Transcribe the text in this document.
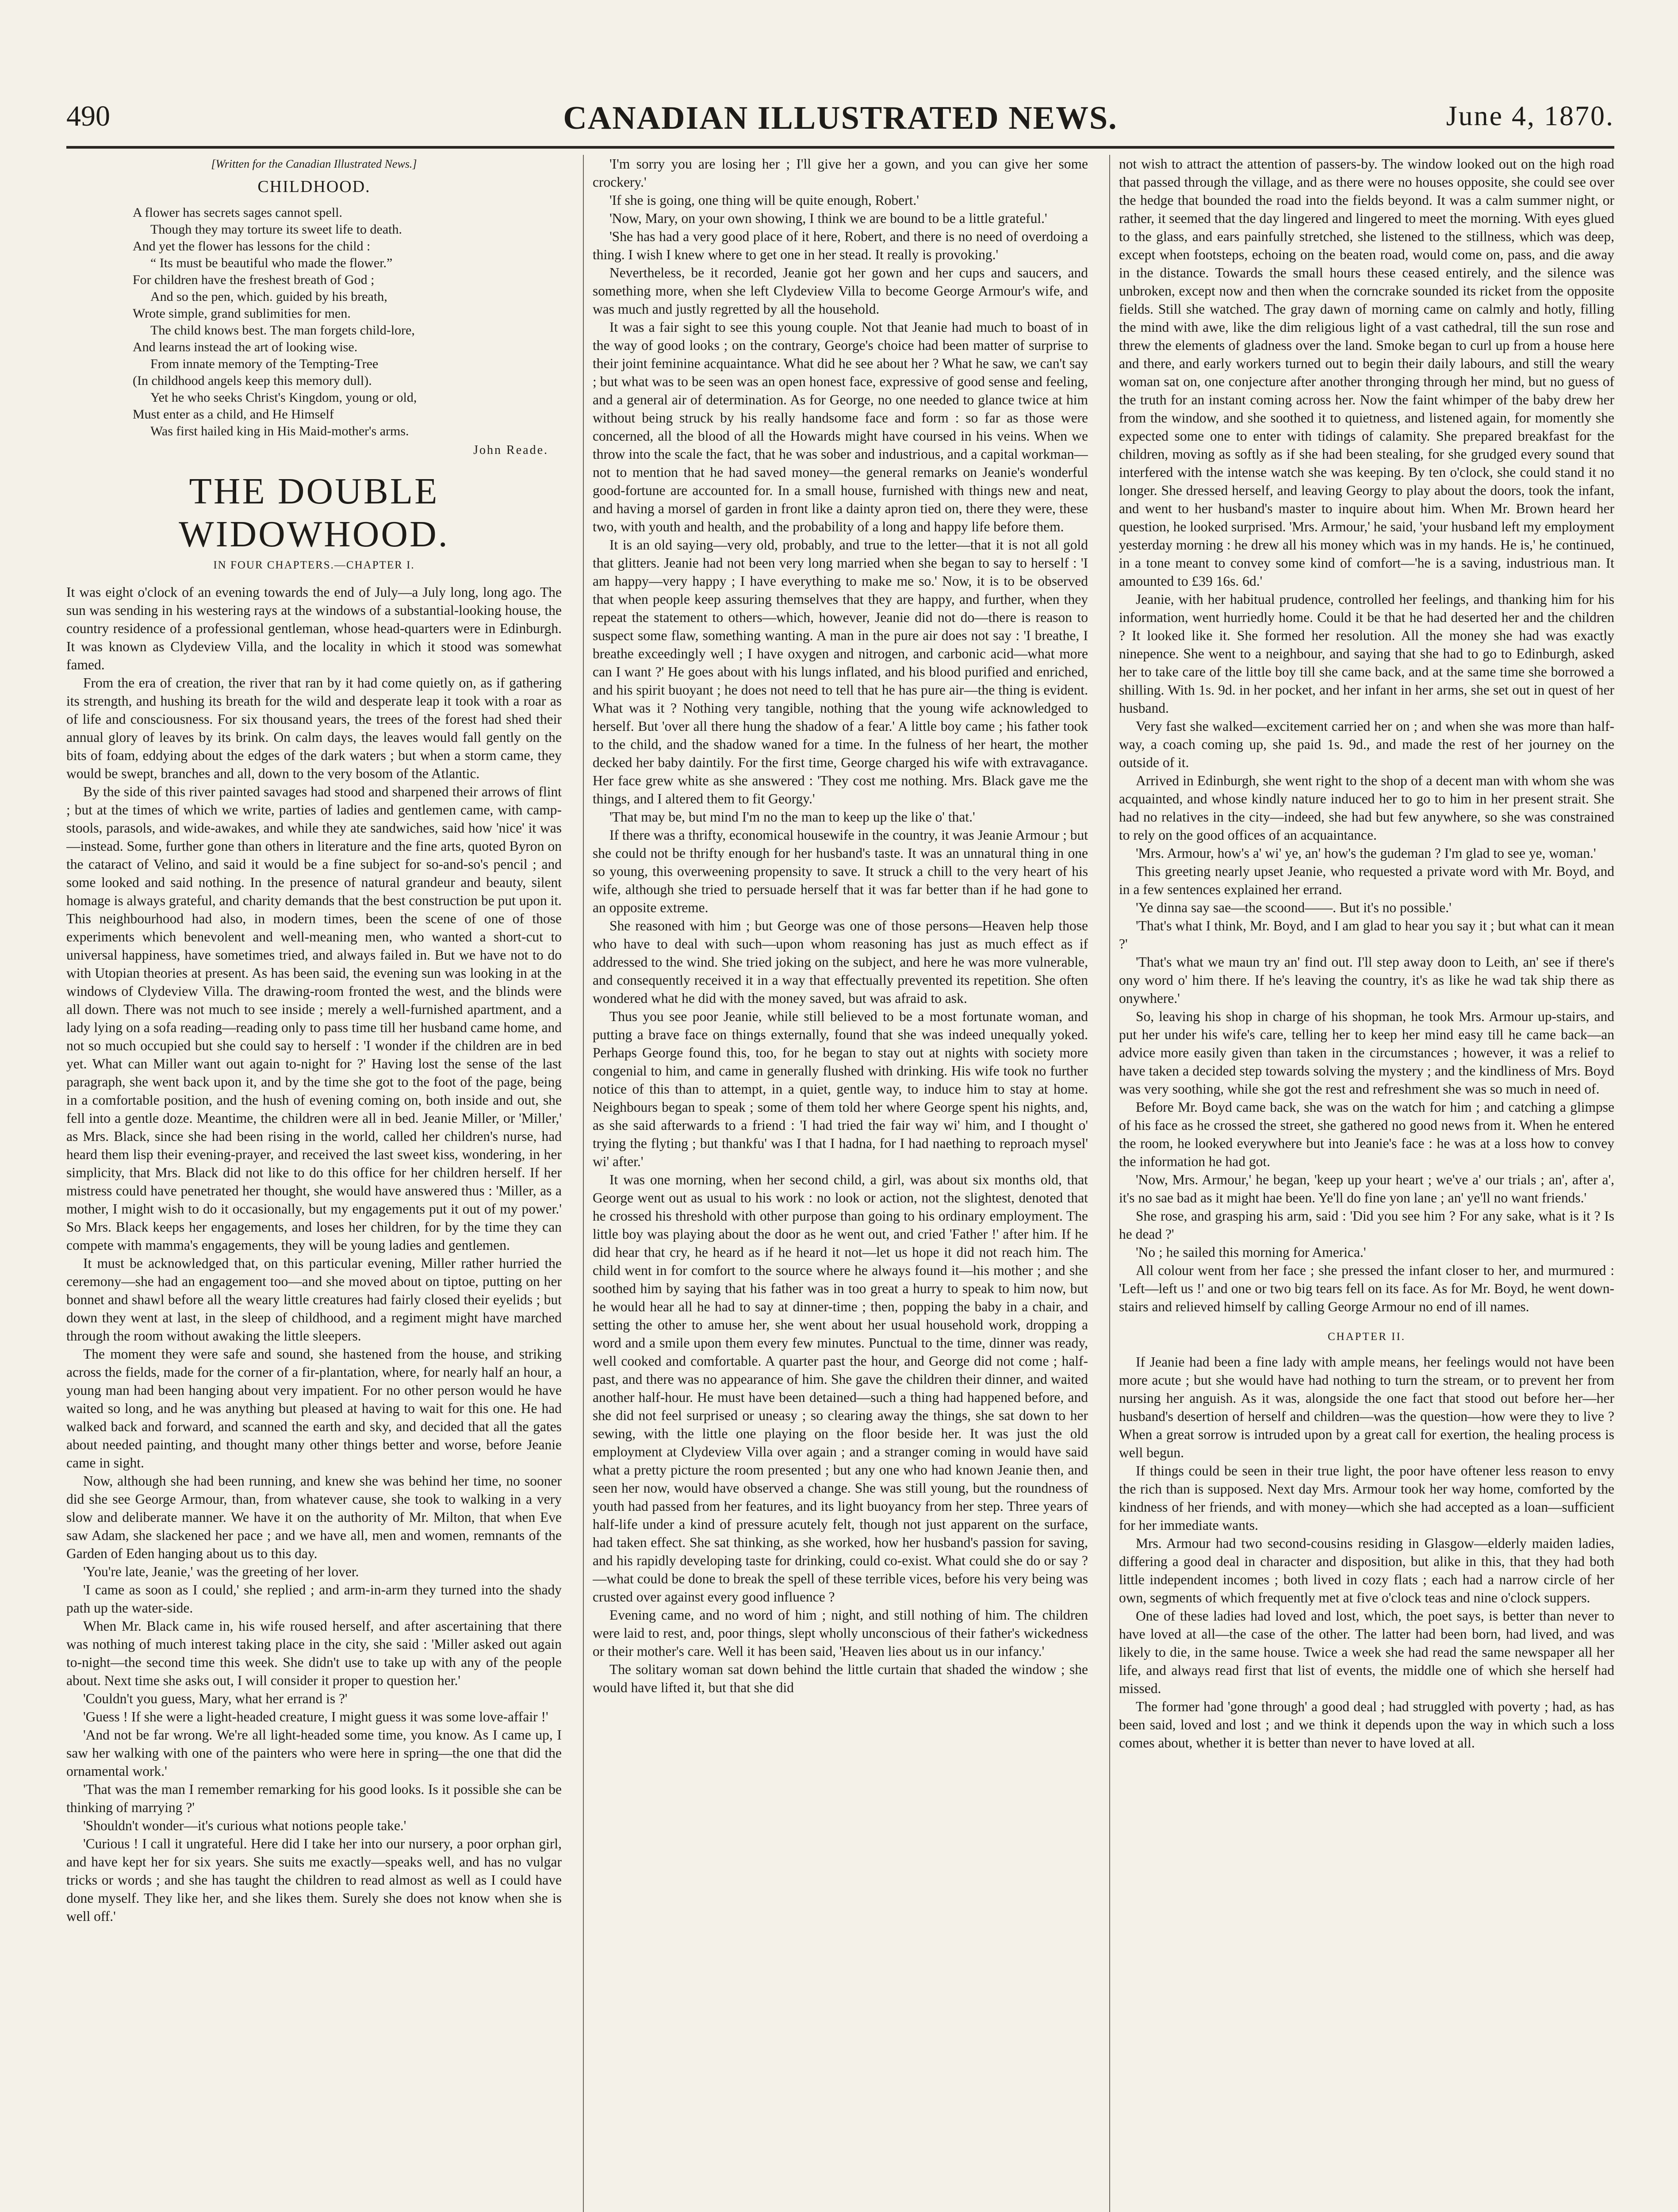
490	CANADIAN ILLUSTRATED NEWS.	June 4, 1870.
[Written for the Canadian Illustrated News.]
CHILDHOOD.
A flower has secrets sages cannot spell.
Though they may torture its sweet life to death.
And yet the flower has lessons for the child :
“ Its must be beautiful who made the flower.”
For children have the freshest breath of God ;
And so the pen, which. guided by his breath,
Wrote simple, grand sublimities for men.
The child knows best. The man forgets child-lore,
And learns instead the art of looking wise.
From innate memory of the Tempting-Tree
(In childhood angels keep this memory dull).
Yet he who seeks Christ's Kingdom, young or old,
Must enter as a child, and He Himself
Was first hailed king in His Maid-mother's arms.
John Reade.
THE DOUBLE WIDOWHOOD.
IN FOUR CHAPTERS.—CHAPTER I.

It was eight o'clock of an evening towards the end of July—a July long, long ago. The sun was sending in his westering rays at the windows of a substantial-looking house, the country residence of a professional gentleman, whose head-quarters were in Edinburgh. It was known as Clydeview Villa, and the locality in which it stood was somewhat famed.

From the era of creation, the river that ran by it had come quietly on, as if gathering its strength, and hushing its breath for the wild and desperate leap it took with a roar as of life and consciousness. For six thousand years, the trees of the forest had shed their annual glory of leaves by its brink. On calm days, the leaves would fall gently on the bits of foam, eddying about the edges of the dark waters ; but when a storm came, they would be swept, branches and all, down to the very bosom of the Atlantic.

By the side of this river painted savages had stood and sharpened their arrows of flint ; but at the times of which we write, parties of ladies and gentlemen came, with camp-stools, parasols, and wide-awakes, and while they ate sandwiches, said how 'nice' it was—instead. Some, further gone than others in literature and the fine arts, quoted Byron on the cataract of Velino, and said it would be a fine subject for so-and-so's pencil ; and some looked and said nothing. In the presence of natural grandeur and beauty, silent homage is always grateful, and charity demands that the best construction be put upon it. This neighbourhood had also, in modern times, been the scene of one of those experiments which benevolent and well-meaning men, who wanted a short-cut to universal happiness, have sometimes tried, and always failed in. But we have not to do with Utopian theories at present. As has been said, the evening sun was looking in at the windows of Clydeview Villa. The drawing-room fronted the west, and the blinds were all down. There was not much to see inside ; merely a well-furnished apartment, and a lady lying on a sofa reading—reading only to pass time till her husband came home, and not so much occupied but she could say to herself : 'I wonder if the children are in bed yet. What can Miller want out again to-night for ?' Having lost the sense of the last paragraph, she went back upon it, and by the time she got to the foot of the page, being in a comfortable position, and the hush of evening coming on, both inside and out, she fell into a gentle doze. Meantime, the children were all in bed. Jeanie Miller, or 'Miller,' as Mrs. Black, since she had been rising in the world, called her children's nurse, had heard them lisp their evening-prayer, and received the last sweet kiss, wondering, in her simplicity, that Mrs. Black did not like to do this office for her children herself. If her mistress could have penetrated her thought, she would have answered thus : 'Miller, as a mother, I might wish to do it occasionally, but my engagements put it out of my power.' So Mrs. Black keeps her engagements, and loses her children, for by the time they can compete with mamma's engagements, they will be young ladies and gentlemen.

It must be acknowledged that, on this particular evening, Miller rather hurried the ceremony—she had an engagement too—and she moved about on tiptoe, putting on her bonnet and shawl before all the weary little creatures had fairly closed their eyelids ; but down they went at last, in the sleep of childhood, and a regiment might have marched through the room without awaking the little sleepers.

The moment they were safe and sound, she hastened from the house, and striking across the fields, made for the corner of a fir-plantation, where, for nearly half an hour, a young man had been hanging about very impatient. For no other person would he have waited so long, and he was anything but pleased at having to wait for this one. He had walked back and forward, and scanned the earth and sky, and decided that all the gates about needed painting, and thought many other things better and worse, before Jeanie came in sight.

Now, although she had been running, and knew she was behind her time, no sooner did she see George Armour, than, from whatever cause, she took to walking in a very slow and deliberate manner. We have it on the authority of Mr. Milton, that when Eve saw Adam, she slackened her pace ; and we have all, men and women, remnants of the Garden of Eden hanging about us to this day.

'You're late, Jeanie,' was the greeting of her lover.

'I came as soon as I could,' she replied ; and arm-in-arm they turned into the shady path up the water-side.

When Mr. Black came in, his wife roused herself, and after ascertaining that there was nothing of much interest taking place in the city, she said : 'Miller asked out again to-night—the second time this week. She didn't use to take up with any of the people about. Next time she asks out, I will consider it proper to question her.'

'Couldn't you guess, Mary, what her errand is ?'

'Guess ! If she were a light-headed creature, I might guess it was some love-affair !'

'And not be far wrong. We're all light-headed some time, you know. As I came up, I saw her walking with one of the painters who were here in spring—the one that did the ornamental work.'

'That was the man I remember remarking for his good looks. Is it possible she can be thinking of marrying ?'

'Shouldn't wonder—it's curious what notions people take.'

'Curious ! I call it ungrateful. Here did I take her into our nursery, a poor orphan girl, and have kept her for six years. She suits me exactly—speaks well, and has no vulgar tricks or words ; and she has taught the children to read almost as well as I could have done myself. They like her, and she likes them. Surely she does not know when she is well off.'

'I'm sorry you are losing her ; I'll give her a gown, and you can give her some crockery.'

'If she is going, one thing will be quite enough, Robert.'

'Now, Mary, on your own showing, I think we are bound to be a little grateful.'

'She has had a very good place of it here, Robert, and there is no need of overdoing a thing. I wish I knew where to get one in her stead. It really is provoking.'

Nevertheless, be it recorded, Jeanie got her gown and her cups and saucers, and something more, when she left Clydeview Villa to become George Armour's wife, and was much and justly regretted by all the household.

It was a fair sight to see this young couple. Not that Jeanie had much to boast of in the way of good looks ; on the contrary, George's choice had been matter of surprise to their joint feminine acquaintance. What did he see about her ? What he saw, we can't say ; but what was to be seen was an open honest face, expressive of good sense and feeling, and a general air of determination. As for George, no one needed to glance twice at him without being struck by his really handsome face and form : so far as those were concerned, all the blood of all the Howards might have coursed in his veins. When we throw into the scale the fact, that he was sober and industrious, and a capital workman—not to mention that he had saved money—the general remarks on Jeanie's wonderful good-fortune are accounted for. In a small house, furnished with things new and neat, and having a morsel of garden in front like a dainty apron tied on, there they were, these two, with youth and health, and the probability of a long and happy life before them.

It is an old saying—very old, probably, and true to the letter—that it is not all gold that glitters. Jeanie had not been very long married when she began to say to herself : 'I am happy—very happy ; I have everything to make me so.' Now, it is to be observed that when people keep assuring themselves that they are happy, and further, when they repeat the statement to others—which, however, Jeanie did not do—there is reason to suspect some flaw, something wanting. A man in the pure air does not say : 'I breathe, I breathe exceedingly well ; I have oxygen and nitrogen, and carbonic acid—what more can I want ?' He goes about with his lungs inflated, and his blood purified and enriched, and his spirit buoyant ; he does not need to tell that he has pure air—the thing is evident. What was it ? Nothing very tangible, nothing that the young wife acknowledged to herself. But 'over all there hung the shadow of a fear.' A little boy came ; his father took to the child, and the shadow waned for a time. In the fulness of her heart, the mother decked her baby daintily. For the first time, George charged his wife with extravagance. Her face grew white as she answered : 'They cost me nothing. Mrs. Black gave me the things, and I altered them to fit Georgy.'

'That may be, but mind I'm no the man to keep up the like o' that.'

If there was a thrifty, economical housewife in the country, it was Jeanie Armour ; but she could not be thrifty enough for her husband's taste. It was an unnatural thing in one so young, this overweening propensity to save. It struck a chill to the very heart of his wife, although she tried to persuade herself that it was far better than if he had gone to an opposite extreme.

She reasoned with him ; but George was one of those persons—Heaven help those who have to deal with such—upon whom reasoning has just as much effect as if addressed to the wind. She tried joking on the subject, and here he was more vulnerable, and consequently received it in a way that effectually prevented its repetition. She often wondered what he did with the money saved, but was afraid to ask.

Thus you see poor Jeanie, while still believed to be a most fortunate woman, and putting a brave face on things externally, found that she was indeed unequally yoked. Perhaps George found this, too, for he began to stay out at nights with society more congenial to him, and came in generally flushed with drinking. His wife took no further notice of this than to attempt, in a quiet, gentle way, to induce him to stay at home. Neighbours began to speak ; some of them told her where George spent his nights, and, as she said afterwards to a friend : 'I had tried the fair way wi' him, and I thought o' trying the flyting ; but thankfu' was I that I hadna, for I had naething to reproach mysel' wi' after.'

It was one morning, when her second child, a girl, was about six months old, that George went out as usual to his work : no look or action, not the slightest, denoted that he crossed his threshold with other purpose than going to his ordinary employment. The little boy was playing about the door as he went out, and cried 'Father !' after him. If he did hear that cry, he heard as if he heard it not—let us hope it did not reach him. The child went in for comfort to the source where he always found it—his mother ; and she soothed him by saying that his father was in too great a hurry to speak to him now, but he would hear all he had to say at dinner-time ; then, popping the baby in a chair, and setting the other to amuse her, she went about her usual household work, dropping a word and a smile upon them every few minutes. Punctual to the time, dinner was ready, well cooked and comfortable. A quarter past the hour, and George did not come ; half-past, and there was no appearance of him. She gave the children their dinner, and waited another half-hour. He must have been detained—such a thing had happened before, and she did not feel surprised or uneasy ; so clearing away the things, she sat down to her sewing, with the little one playing on the floor beside her. It was just the old employment at Clydeview Villa over again ; and a stranger coming in would have said what a pretty picture the room presented ; but any one who had known Jeanie then, and seen her now, would have observed a change. She was still young, but the roundness of youth had passed from her features, and its light buoyancy from her step. Three years of half-life under a kind of pressure acutely felt, though not just apparent on the surface, had taken effect. She sat thinking, as she worked, how her husband's passion for saving, and his rapidly developing taste for drinking, could co-exist. What could she do or say ?—what could be done to break the spell of these terrible vices, before his very being was crusted over against every good influence ?

Evening came, and no word of him ; night, and still nothing of him. The children were laid to rest, and, poor things, slept wholly unconscious of their father's wickedness or their mother's care. Well it has been said, 'Heaven lies about us in our infancy.'

The solitary woman sat down behind the little curtain that shaded the window ; she would have lifted it, but that she did

not wish to attract the attention of passers-by. The window looked out on the high road that passed through the village, and as there were no houses opposite, she could see over the hedge that bounded the road into the fields beyond. It was a calm summer night, or rather, it seemed that the day lingered and lingered to meet the morning. With eyes glued to the glass, and ears painfully stretched, she listened to the stillness, which was deep, except when footsteps, echoing on the beaten road, would come on, pass, and die away in the distance. Towards the small hours these ceased entirely, and the silence was unbroken, except now and then when the corncrake sounded its ricket from the opposite fields. Still she watched. The gray dawn of morning came on calmly and hotly, filling the mind with awe, like the dim religious light of a vast cathedral, till the sun rose and threw the elements of gladness over the land. Smoke began to curl up from a house here and there, and early workers turned out to begin their daily labours, and still the weary woman sat on, one conjecture after another thronging through her mind, but no guess of the truth for an instant coming across her. Now the faint whimper of the baby drew her from the window, and she soothed it to quietness, and listened again, for momently she expected some one to enter with tidings of calamity. She prepared breakfast for the children, moving as softly as if she had been stealing, for she grudged every sound that interfered with the intense watch she was keeping. By ten o'clock, she could stand it no longer. She dressed herself, and leaving Georgy to play about the doors, took the infant, and went to her husband's master to inquire about him. When Mr. Brown heard her question, he looked surprised. 'Mrs. Armour,' he said, 'your husband left my employment yesterday morning : he drew all his money which was in my hands. He is,' he continued, in a tone meant to convey some kind of comfort—'he is a saving, industrious man. It amounted to £39 16s. 6d.'

Jeanie, with her habitual prudence, controlled her feelings, and thanking him for his information, went hurriedly home. Could it be that he had deserted her and the children ? It looked like it. She formed her resolution. All the money she had was exactly ninepence. She went to a neighbour, and saying that she had to go to Edinburgh, asked her to take care of the little boy till she came back, and at the same time she borrowed a shilling. With 1s. 9d. in her pocket, and her infant in her arms, she set out in quest of her husband.

Very fast she walked—excitement carried her on ; and when she was more than half-way, a coach coming up, she paid 1s. 9d., and made the rest of her journey on the outside of it.

Arrived in Edinburgh, she went right to the shop of a decent man with whom she was acquainted, and whose kindly nature induced her to go to him in her present strait. She had no relatives in the city—indeed, she had but few anywhere, so she was constrained to rely on the good offices of an acquaintance.

'Mrs. Armour, how's a' wi' ye, an' how's the gudeman ? I'm glad to see ye, woman.'

This greeting nearly upset Jeanie, who requested a private word with Mr. Boyd, and in a few sentences explained her errand.

'Ye dinna say sae—the scoond——. But it's no possible.'

'That's what I think, Mr. Boyd, and I am glad to hear you say it ; but what can it mean ?'

'That's what we maun try an' find out. I'll step away doon to Leith, an' see if there's ony word o' him there. If he's leaving the country, it's as like he wad tak ship there as onywhere.'

So, leaving his shop in charge of his shopman, he took Mrs. Armour up-stairs, and put her under his wife's care, telling her to keep her mind easy till he came back—an advice more easily given than taken in the circumstances ; however, it was a relief to have taken a decided step towards solving the mystery ; and the kindliness of Mrs. Boyd was very soothing, while she got the rest and refreshment she was so much in need of.

Before Mr. Boyd came back, she was on the watch for him ; and catching a glimpse of his face as he crossed the street, she gathered no good news from it. When he entered the room, he looked everywhere but into Jeanie's face : he was at a loss how to convey the information he had got.

'Now, Mrs. Armour,' he began, 'keep up your heart ; we've a' our trials ; an', after a', it's no sae bad as it might hae been. Ye'll do fine yon lane ; an' ye'll no want friends.'

She rose, and grasping his arm, said : 'Did you see him ? For any sake, what is it ? Is he dead ?'

'No ; he sailed this morning for America.'

All colour went from her face ; she pressed the infant closer to her, and murmured : 'Left—left us !' and one or two big tears fell on its face. As for Mr. Boyd, he went down-stairs and relieved himself by calling George Armour no end of ill names.

CHAPTER II.

If Jeanie had been a fine lady with ample means, her feelings would not have been more acute ; but she would have had nothing to turn the stream, or to prevent her from nursing her anguish. As it was, alongside the one fact that stood out before her—her husband's desertion of herself and children—was the question—how were they to live ? When a great sorrow is intruded upon by a great call for exertion, the healing process is well begun.

If things could be seen in their true light, the poor have oftener less reason to envy the rich than is supposed. Next day Mrs. Armour took her way home, comforted by the kindness of her friends, and with money—which she had accepted as a loan—sufficient for her immediate wants.

Mrs. Armour had two second-cousins residing in Glasgow—elderly maiden ladies, differing a good deal in character and disposition, but alike in this, that they had both little independent incomes ; both lived in cozy flats ; each had a narrow circle of her own, segments of which frequently met at five o'clock teas and nine o'clock suppers.

One of these ladies had loved and lost, which, the poet says, is better than never to have loved at all—the case of the other. The latter had been born, had lived, and was likely to die, in the same house. Twice a week she had read the same newspaper all her life, and always read first that list of events, the middle one of which she herself had missed.

The former had 'gone through' a good deal ; had struggled with poverty ; had, as has been said, loved and lost ; and we think it depends upon the way in which such a loss comes about, whether it is better than never to have loved at all.
